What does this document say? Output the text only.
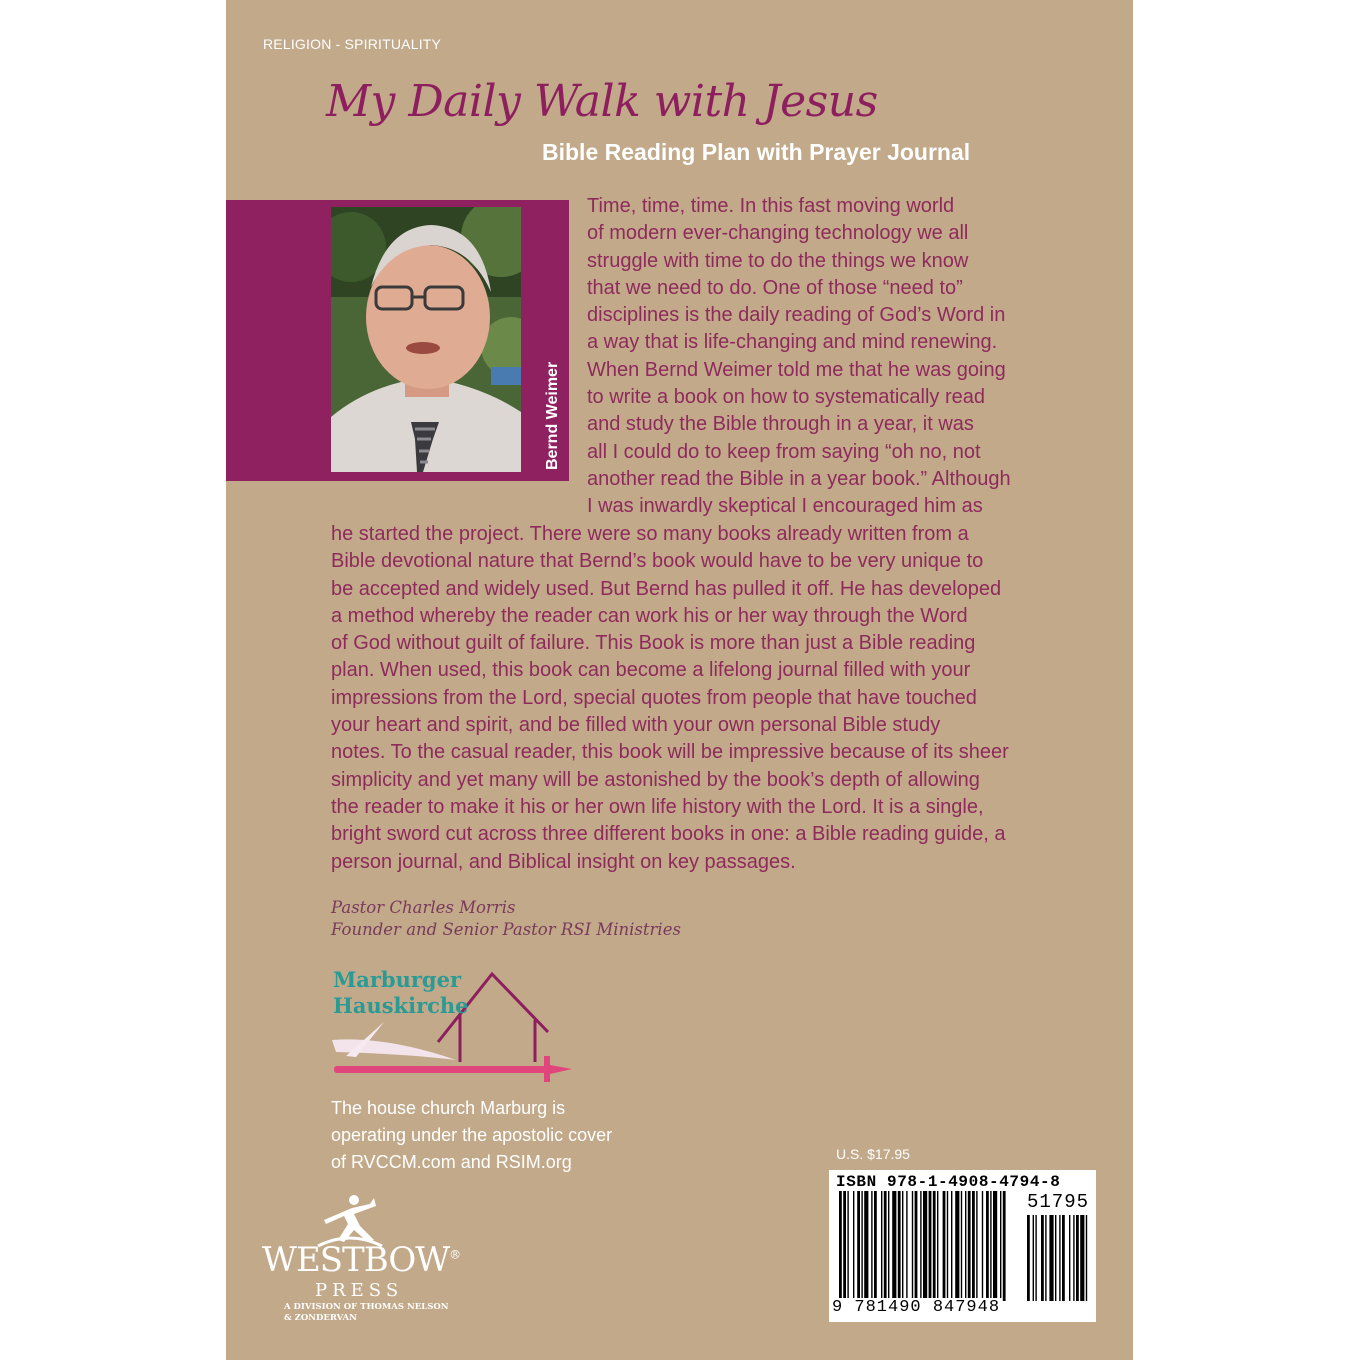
RELIGION - SPIRITUALITY
My Daily Walk with Jesus
Bible Reading Plan with Prayer Journal
Bernd Weimer
Time, time, time. In this fast moving world
of modern ever-changing technology we all
struggle with time to do the things we know
that we need to do. One of those “need to”
disciplines is the daily reading of God’s Word in
a way that is life-changing and mind renewing.
When Bernd Weimer told me that he was going
to write a book on how to systematically read
and study the Bible through in a year, it was
all I could do to keep from saying “oh no, not
another read the Bible in a year book.” Although
I was inwardly skeptical I encouraged him as
he started the project. There were so many books already written from a
Bible devotional nature that Bernd’s book would have to be very unique to
be accepted and widely used. But Bernd has pulled it off. He has developed
a method whereby the reader can work his or her way through the Word
of God without guilt of failure. This Book is more than just a Bible reading
plan. When used, this book can become a lifelong journal filled with your
impressions from the Lord, special quotes from people that have touched
your heart and spirit, and be filled with your own personal Bible study
notes. To the casual reader, this book will be impressive because of its sheer
simplicity and yet many will be astonished by the book’s depth of allowing
the reader to make it his or her own life history with the Lord. It is a single,
bright sword cut across three different books in one: a Bible reading guide, a
person journal, and Biblical insight on key passages.
Pastor Charles Morris
Founder and Senior Pastor RSI Ministries
Marburger
Hauskirche
The house church Marburg is
operating under the apostolic cover
of RVCCM.com and RSIM.org
WESTBOW®
PRESS
A DIVISION OF THOMAS NELSON
& ZONDERVAN
U.S. $17.95
ISBN 978-1-4908-4794-8
51795
9 781490 847948
